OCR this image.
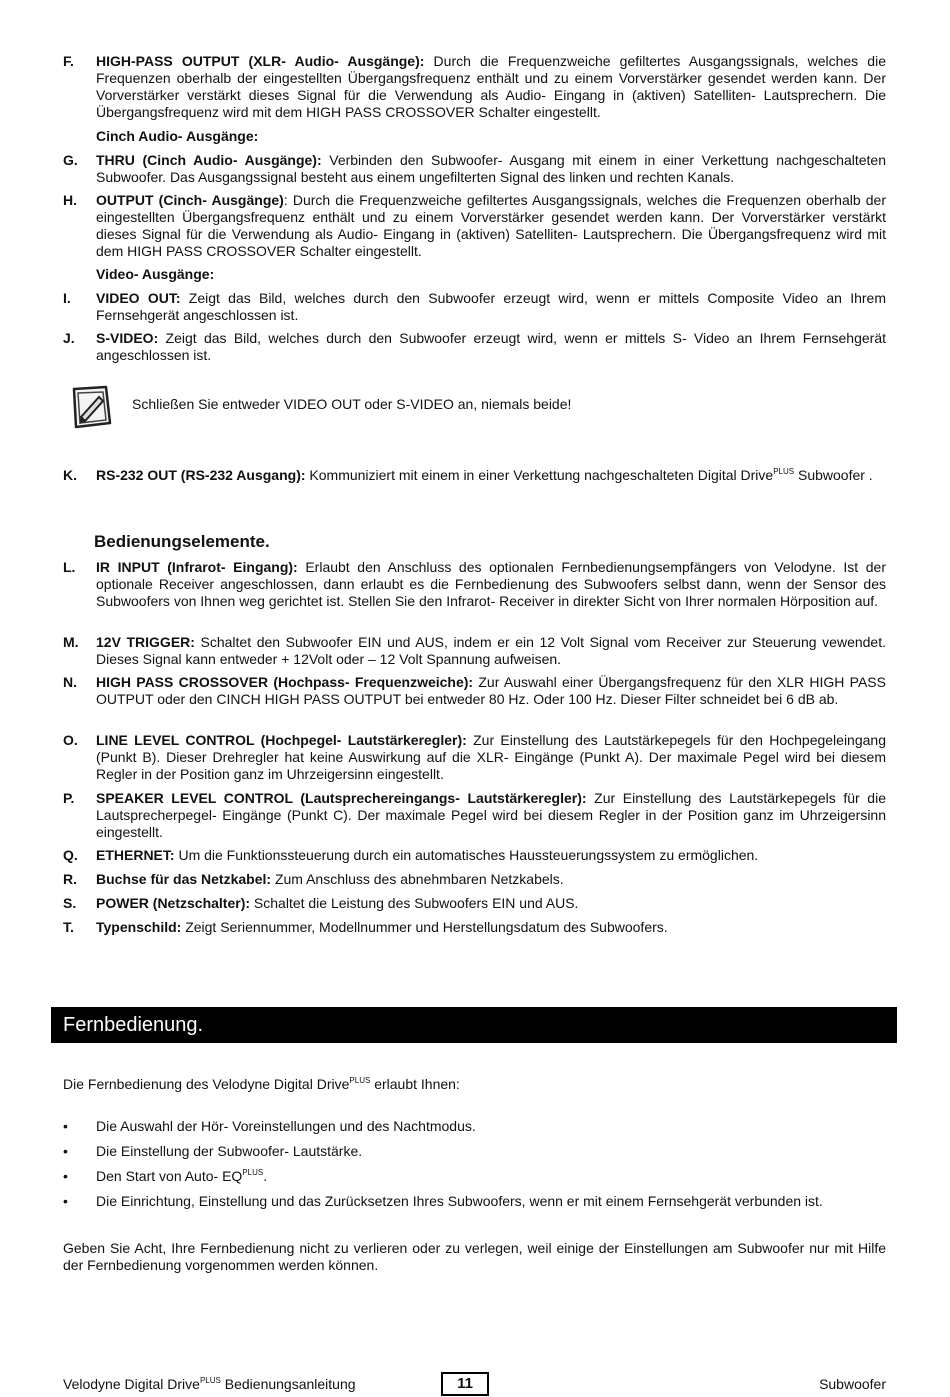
F. HIGH-PASS OUTPUT (XLR- Audio- Ausgänge): Durch die Frequenzweiche gefiltertes Ausgangssignals, welches die Frequenzen oberhalb der eingestellten Übergangsfrequenz enthält und zu einem Vorverstärker gesendet werden kann. Der Vorverstärker verstärkt dieses Signal für die Verwendung als Audio- Eingang in (aktiven) Satelliten- Lautsprechern. Die Übergangsfrequenz wird mit dem HIGH PASS CROSSOVER Schalter eingestellt.
Cinch Audio- Ausgänge:
G. THRU (Cinch Audio- Ausgänge): Verbinden den Subwoofer- Ausgang mit einem in einer Verkettung nachgeschalteten Subwoofer. Das Ausgangssignal besteht aus einem ungefilterten Signal des linken und rechten Kanals.
H. OUTPUT (Cinch- Ausgänge): Durch die Frequenzweiche gefiltertes Ausgangssignals, welches die Frequenzen oberhalb der eingestellten Übergangsfrequenz enthält und zu einem Vorverstärker gesendet werden kann. Der Vorverstärker verstärkt dieses Signal für die Verwendung als Audio- Eingang in (aktiven) Satelliten- Lautsprechern. Die Übergangsfrequenz wird mit dem HIGH PASS CROSSOVER Schalter eingestellt.
Video- Ausgänge:
I. VIDEO OUT: Zeigt das Bild, welches durch den Subwoofer erzeugt wird, wenn er mittels Composite Video an Ihrem Fernsehgerät angeschlossen ist.
J. S-VIDEO: Zeigt das Bild, welches durch den Subwoofer erzeugt wird, wenn er mittels S- Video an Ihrem Fernsehgerät angeschlossen ist.
Schließen Sie entweder VIDEO OUT oder S-VIDEO an, niemals beide!
K. RS-232 OUT (RS-232 Ausgang): Kommuniziert mit einem in einer Verkettung nachgeschalteten Digital Drive$^{PLUS}$ Subwoofer .
Bedienungselemente.
L. IR INPUT (Infrarot- Eingang): Erlaubt den Anschluss des optionalen Fernbedienungsempfängers von Velodyne. Ist der optionale Receiver angeschlossen, dann erlaubt es die Fernbedienung des Subwoofers selbst dann, wenn der Sensor des Subwoofers von Ihnen weg gerichtet ist. Stellen Sie den Infrarot- Receiver in direkter Sicht von Ihrer normalen Hörposition auf.
M. 12V TRIGGER: Schaltet den Subwoofer EIN und AUS, indem er ein 12 Volt Signal vom Receiver zur Steuerung vewendet. Dieses Signal kann entweder + 12Volt oder – 12 Volt Spannung aufweisen.
N. HIGH PASS CROSSOVER (Hochpass- Frequenzweiche): Zur Auswahl einer Übergangsfrequenz für den XLR HIGH PASS OUTPUT oder den CINCH HIGH PASS OUTPUT bei entweder 80 Hz. Oder 100 Hz. Dieser Filter schneidet bei 6 dB ab.
O. LINE LEVEL CONTROL (Hochpegel- Lautstärkeregler): Zur Einstellung des Lautstärkepegels für den Hochpegeleingang (Punkt B). Dieser Drehregler hat keine Auswirkung auf die XLR- Eingänge (Punkt A). Der maximale Pegel wird bei diesem Regler in der Position ganz im Uhrzeigersinn eingestellt.
P. SPEAKER LEVEL CONTROL (Lautsprechereingangs- Lautstärkeregler): Zur Einstellung des Lautstärkepegels für die Lautsprecherpegel- Eingänge (Punkt C). Der maximale Pegel wird bei diesem Regler in der Position ganz im Uhrzeigersinn eingestellt.
Q. ETHERNET: Um die Funktionssteuerung durch ein automatisches Haussteuerungssystem zu ermöglichen.
R. Buchse für das Netzkabel: Zum Anschluss des abnehmbaren Netzkabels.
S. POWER (Netzschalter): Schaltet die Leistung des Subwoofers EIN und AUS.
T. Typenschild: Zeigt Seriennummer, Modellnummer und Herstellungsdatum des Subwoofers.
Fernbedienung.
Die Fernbedienung des Velodyne Digital Drive$^{PLUS}$ erlaubt Ihnen:
• Die Auswahl der Hör- Voreinstellungen und des Nachtmodus.
• Die Einstellung der Subwoofer- Lautstärke.
• Den Start von Auto- $EQ^{PLUS}$.
• Die Einrichtung, Einstellung und das Zurücksetzen Ihres Subwoofers, wenn er mit einem Fernsehgerät verbunden ist.
Geben Sie Acht, Ihre Fernbedienung nicht zu verlieren oder zu verlegen, weil einige der Einstellungen am Subwoofer nur mit Hilfe der Fernbedienung vorgenommen werden können.
Velodyne Digital Drive$^{PLUS}$ Bedienungsanleitung	11	Subwoofer
